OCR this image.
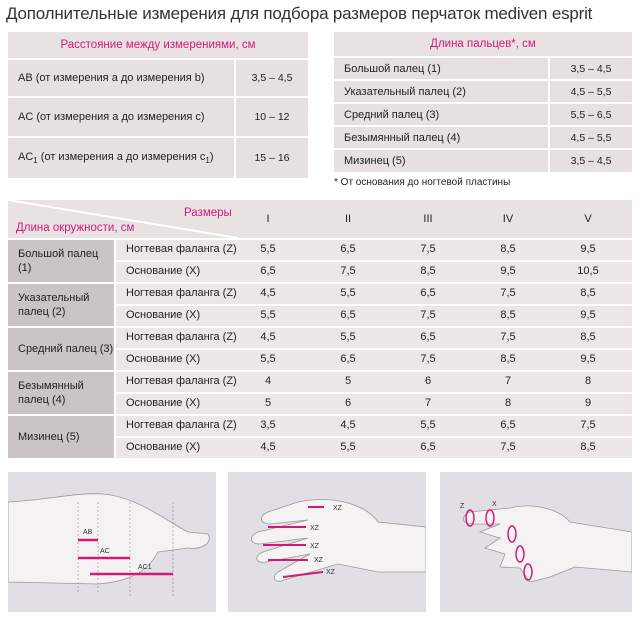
Дополнительные измерения для подбора размеров перчаток mediven esprit
Расстояние между измерениями, см
AB (от измерения a до измерения b)	3,5 – 4,5
AC (от измерения a до измерения c)	10 – 12
$AC_1$ (от измерения a до измерения $c_1$)	15 – 16
Длина пальцев*, см
Большой палец (1)	3,5 – 4,5
Указательный палец (2)	4,5 – 5,5
Средний палец (3)	5,5 – 6,5
Безымянный палец (4)	4,5 – 5,5
Мизинец (5)	3,5 – 4,5
* От основания до ногтевой пластины
Размеры
Длина окружности, см
I	II	III	IV	V
Большой палец (1)
Ногтевая фаланга (Z)	5,5	6,5	7,5	8,5	9,5
Основание (X)	6,5	7,5	8,5	9,5	10,5
Указательный палец (2)
Ногтевая фаланга (Z)	4,5	5,5	6,5	7,5	8,5
Основание (X)	5,5	6,5	7,5	8,5	9,5
Средний палец (3)
Ногтевая фаланга (Z)	4,5	5,5	6,5	7,5	8,5
Основание (X)	5,5	6,5	7,5	8,5	9,5
Безымянный палец (4)
Ногтевая фаланга (Z)	4	5	6	7	8
Основание (X)	5	6	7	8	9
Мизинец (5)
Ногтевая фаланга (Z)	3,5	4,5	5,5	6,5	7,5
Основание (X)	4,5	5,5	6,5	7,5	8,5
AB
AC
AC1
XZ
XZ
XZ
XZ
XZ
Z	X
